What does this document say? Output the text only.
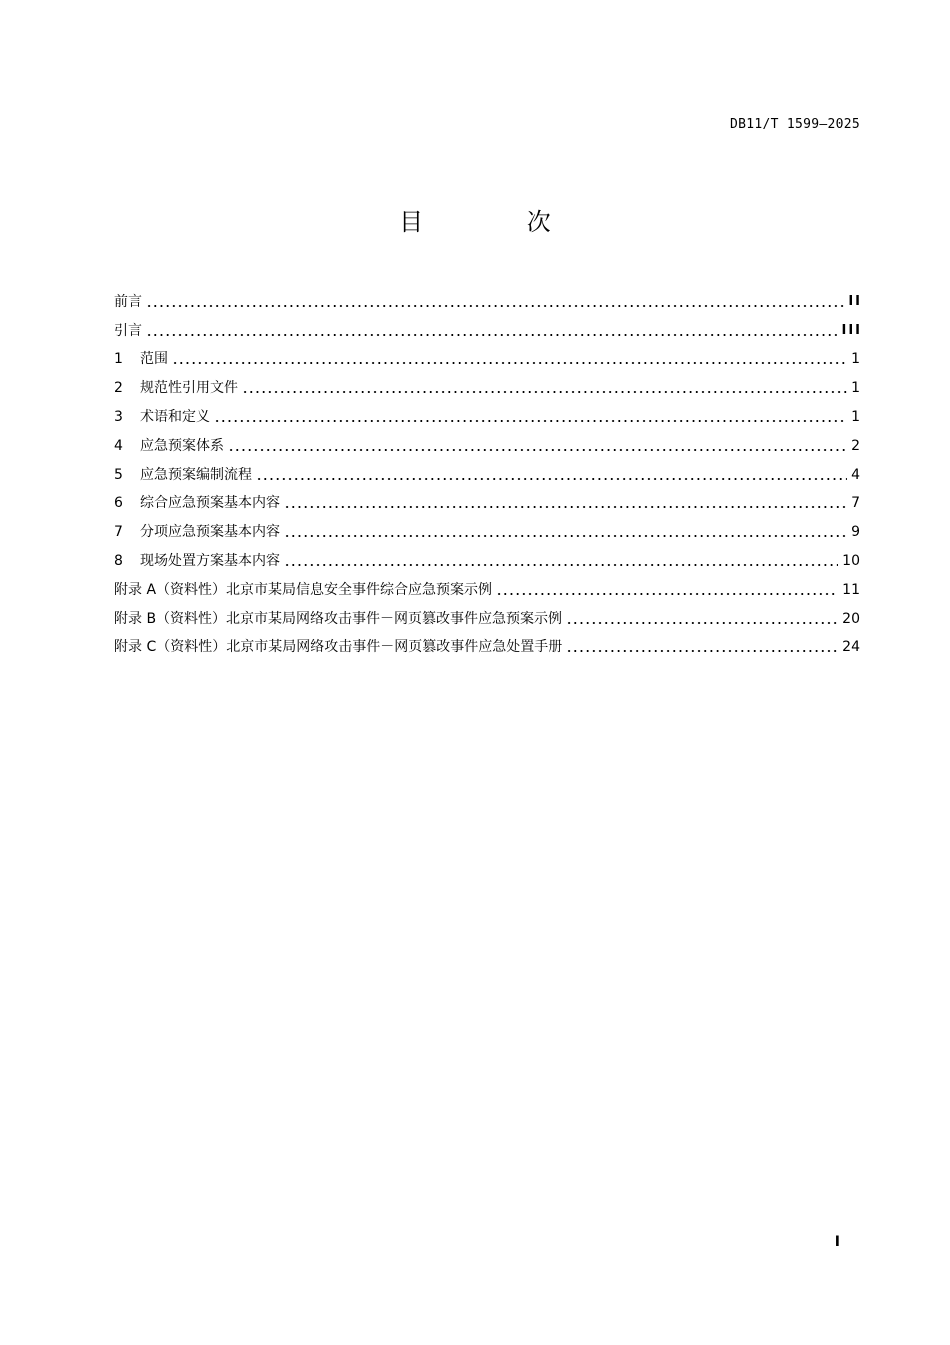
DB11/T 1599—2025
目 次
前言	II
引言	III
1	范围	1
2	规范性引用文件	1
3	术语和定义	1
4	应急预案体系	2
5	应急预案编制流程	4
6	综合应急预案基本内容	7
7	分项应急预案基本内容	9
8	现场处置方案基本内容	10
附录 A（资料性）北京市某局信息安全事件综合应急预案示例	11
附录 B（资料性）北京市某局网络攻击事件－网页篡改事件应急预案示例	20
附录 C（资料性）北京市某局网络攻击事件－网页篡改事件应急处置手册	24
I
